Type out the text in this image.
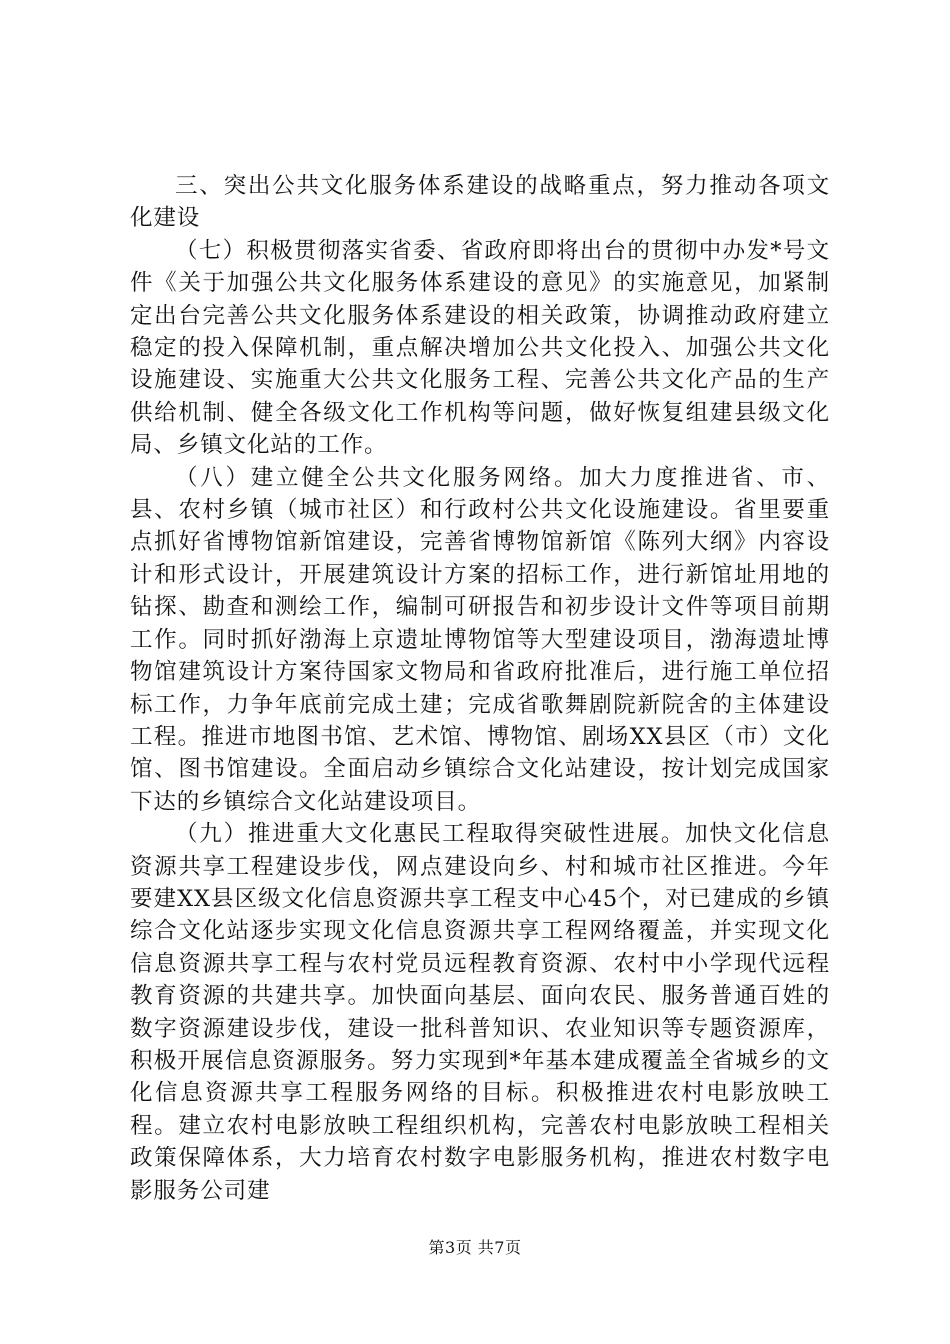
三、突出公共文化服务体系建设的战略重点，努力推动各项文化建设

（七）积极贯彻落实省委、省政府即将出台的贯彻中办发*号文件《关于加强公共文化服务体系建设的意见》的实施意见，加紧制定出台完善公共文化服务体系建设的相关政策，协调推动政府建立稳定的投入保障机制，重点解决增加公共文化投入、加强公共文化设施建设、实施重大公共文化服务工程、完善公共文化产品的生产供给机制、健全各级文化工作机构等问题，做好恢复组建县级文化局、乡镇文化站的工作。

（八）建立健全公共文化服务网络。加大力度推进省、市、县、农村乡镇（城市社区）和行政村公共文化设施建设。省里要重点抓好省博物馆新馆建设，完善省博物馆新馆《陈列大纲》内容设计和形式设计，开展建筑设计方案的招标工作，进行新馆址用地的钻探、勘查和测绘工作，编制可研报告和初步设计文件等项目前期工作。同时抓好渤海上京遗址博物馆等大型建设项目，渤海遗址博物馆建筑设计方案待国家文物局和省政府批准后，进行施工单位招标工作，力争年底前完成土建；完成省歌舞剧院新院舍的主体建设工程。推进市地图书馆、艺术馆、博物馆、剧场XX县区（市）文化馆、图书馆建设。全面启动乡镇综合文化站建设，按计划完成国家下达的乡镇综合文化站建设项目。

（九）推进重大文化惠民工程取得突破性进展。加快文化信息资源共享工程建设步伐，网点建设向乡、村和城市社区推进。今年要建XX县区级文化信息资源共享工程支中心45个，对已建成的乡镇综合文化站逐步实现文化信息资源共享工程网络覆盖，并实现文化信息资源共享工程与农村党员远程教育资源、农村中小学现代远程教育资源的共建共享。加快面向基层、面向农民、服务普通百姓的数字资源建设步伐，建设一批科普知识、农业知识等专题资源库，积极开展信息资源服务。努力实现到*年基本建成覆盖全省城乡的文化信息资源共享工程服务网络的目标。积极推进农村电影放映工程。建立农村电影放映工程组织机构，完善农村电影放映工程相关政策保障体系，大力培育农村数字电影服务机构，推进农村数字电影服务公司建

第3页 共7页
